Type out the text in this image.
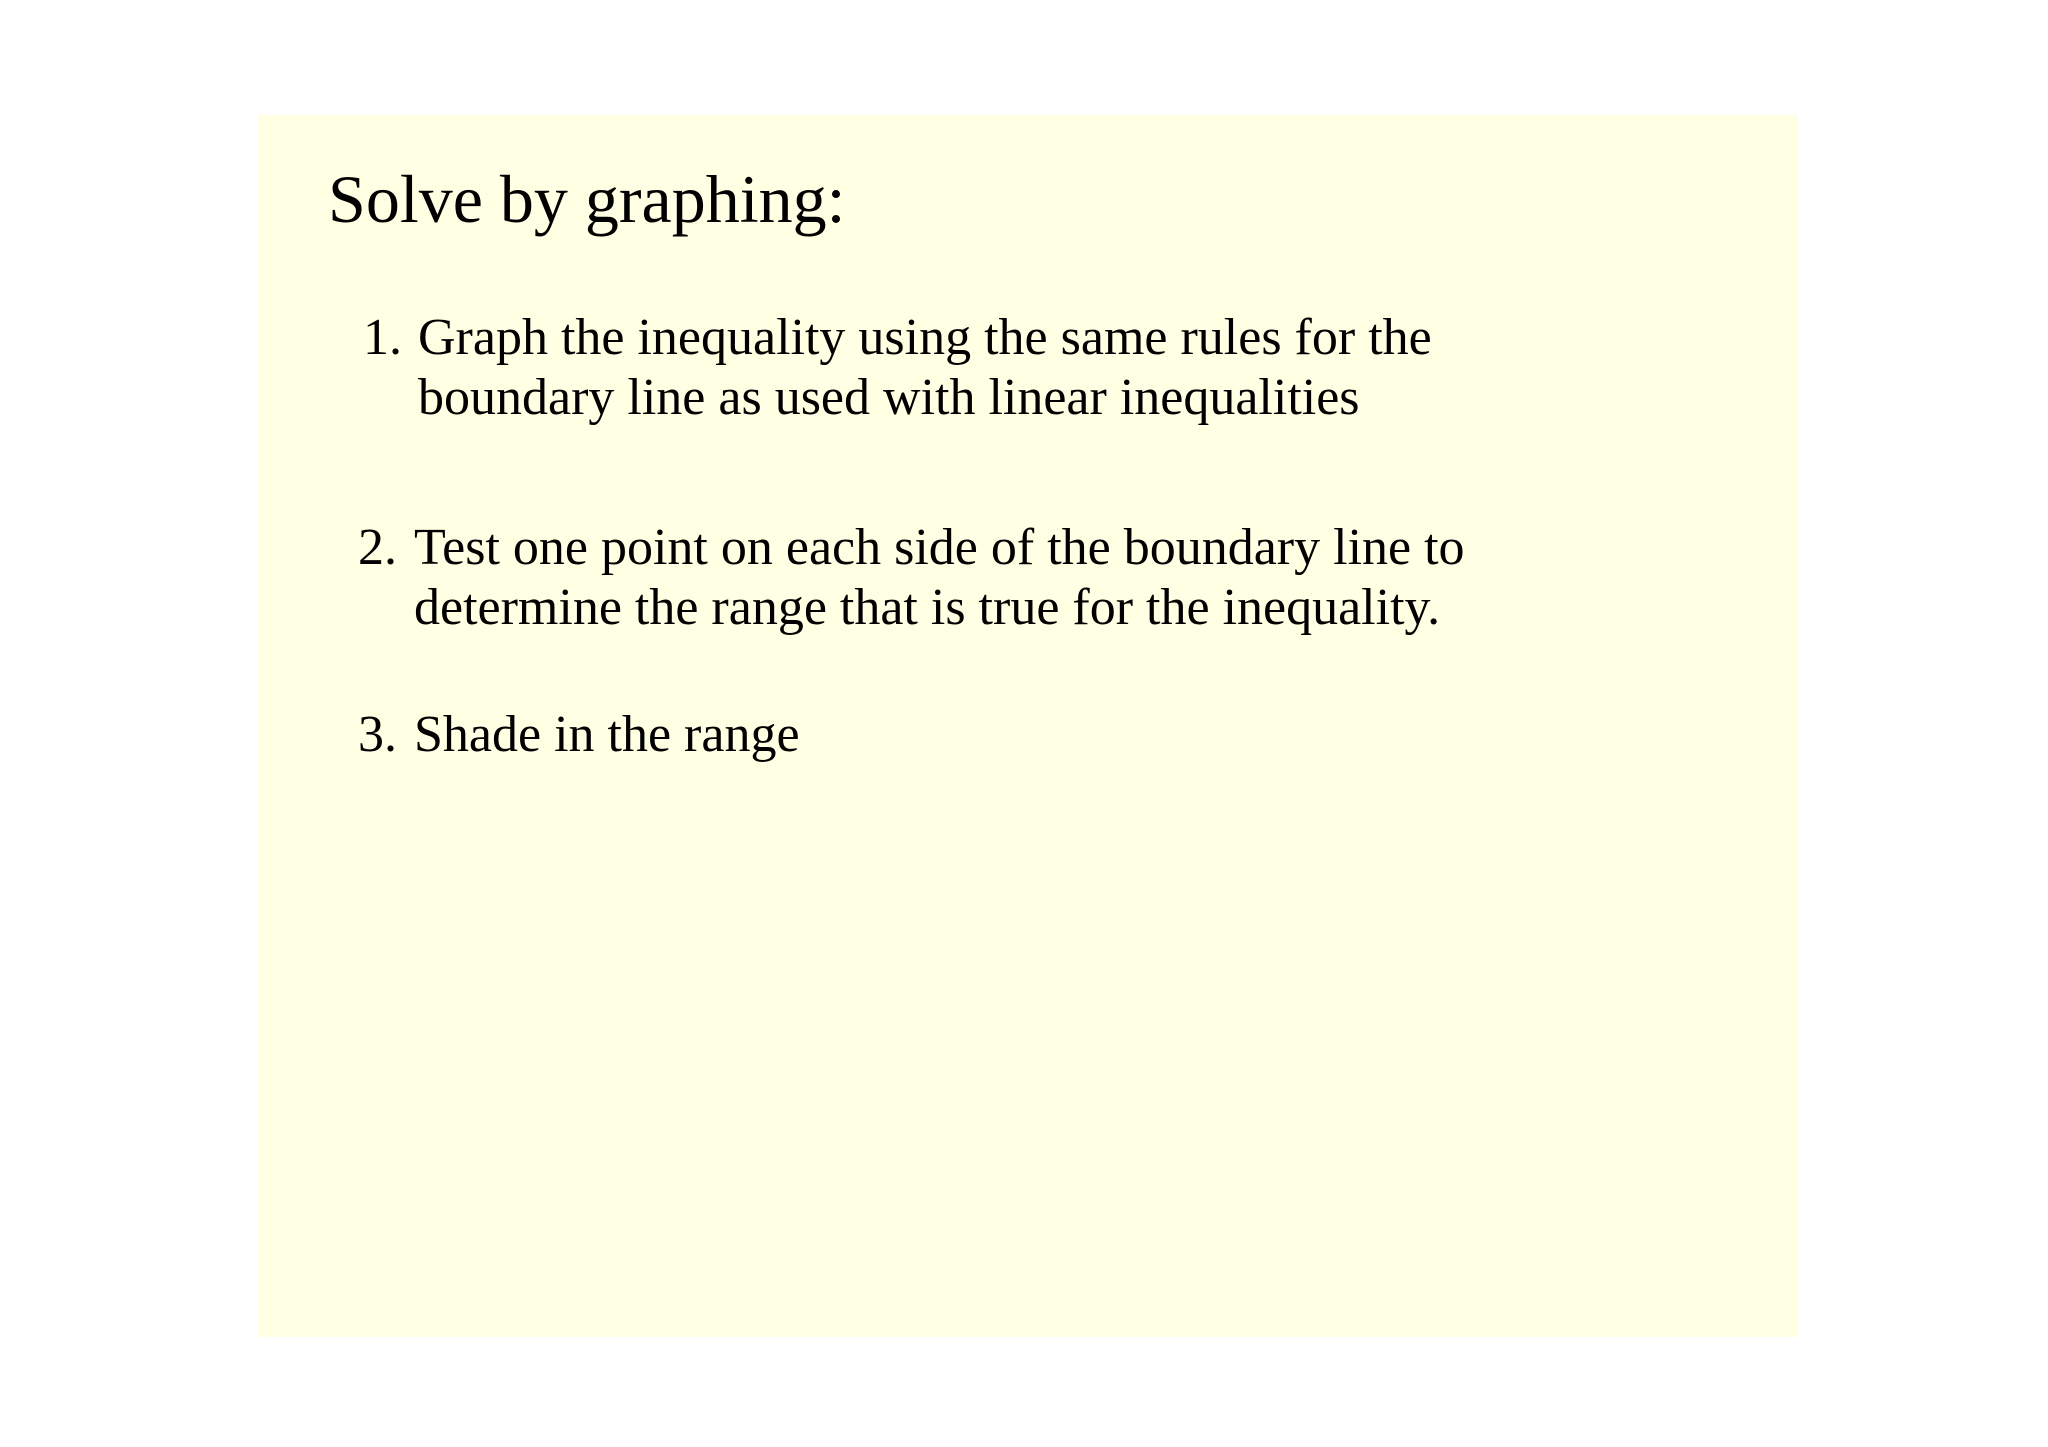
Solve by graphing:
1. Graph the inequality using the same rules for the
boundary line as used with linear inequalities
2. Test one point on each side of the boundary line to
determine the range that is true for the inequality.
3. Shade in the range
